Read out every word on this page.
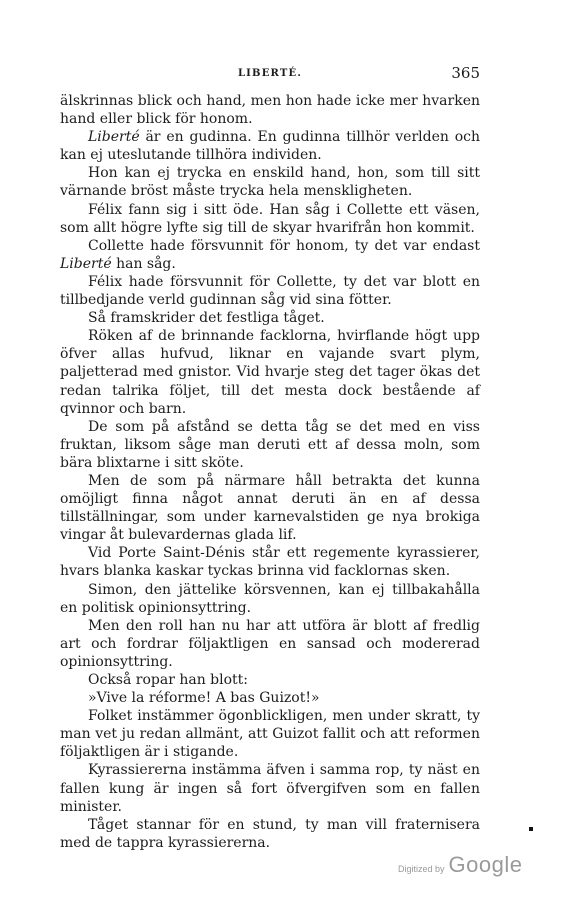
LIBERTÉ.	365

älskrinnas blick och hand, men hon hade icke mer hvarken hand eller blick för honom.

Liberté är en gudinna. En gudinna tillhör verlden och kan ej uteslutande tillhöra individen.

Hon kan ej trycka en enskild hand, hon, som till sitt värnande bröst måste trycka hela menskligheten.

Félix fann sig i sitt öde. Han såg i Collette ett väsen, som allt högre lyfte sig till de skyar hvarifrån hon kommit.

Collette hade försvunnit för honom, ty det var endast Liberté han såg.

Félix hade försvunnit för Collette, ty det var blott en tillbedjande verld gudinnan såg vid sina fötter.

Så framskrider det festliga tåget.

Röken af de brinnande facklorna, hvirflande högt upp öfver allas hufvud, liknar en vajande svart plym, paljetterad med gnistor. Vid hvarje steg det tager ökas det redan talrika följet, till det mesta dock bestående af qvinnor och barn.

De som på afstånd se detta tåg se det med en viss fruktan, liksom såge man deruti ett af dessa moln, som bära blixtarne i sitt sköte.

Men de som på närmare håll betrakta det kunna omöjligt finna något annat deruti än en af dessa tillställningar, som under karnevalstiden ge nya brokiga vingar åt bulevardernas glada lif.

Vid Porte Saint-Dénis står ett regemente kyrassierer, hvars blanka kaskar tyckas brinna vid facklornas sken.

Simon, den jättelike körsvennen, kan ej tillbakahålla en politisk opinionsyttring.

Men den roll han nu har att utföra är blott af fredlig art och fordrar följaktligen en sansad och modererad opinionsyttring.

Också ropar han blott:

»Vive la réforme! A bas Guizot!»

Folket instämmer ögonblickligen, men under skratt, ty man vet ju redan allmänt, att Guizot fallit och att reformen följaktligen är i stigande.

Kyrassiererna instämma äfven i samma rop, ty näst en fallen kung är ingen så fort öfvergifven som en fallen minister.

Tåget stannar för en stund, ty man vill fraternisera med de tappra kyrassiererna.

Digitized by Google
